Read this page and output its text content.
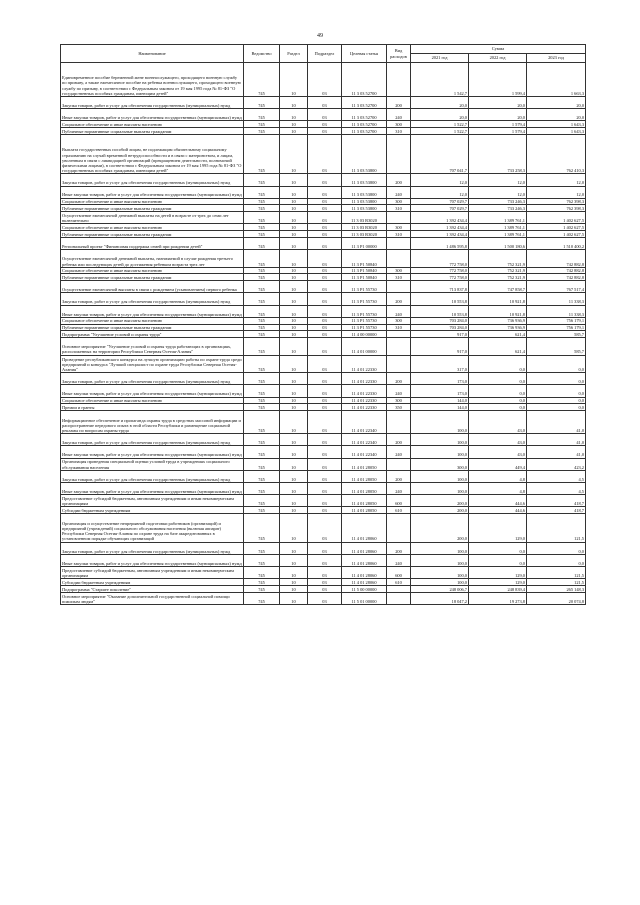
49
Наименование	Ведомство	Раздел	Подраздел	Целевая статья	Вид расходов	Сумма		
						2021 год	2022 год	2023 год
Единовременное пособие беременной жене военнослужащего, проходящего военную службу по призыву, а также ежемесячное пособие на ребенка военнослужащего, проходящего военную службу по призыву, в соответствии с Федеральным законом от 19 мая 1995 года № 81-ФЗ "О государственных пособиях гражданам, имеющим детей"	745	10	03	11 3 03 52700		1 542,7	1 599,4	1 663,3
Закупка товаров, работ и услуг для обеспечения государственных (муниципальных) нужд	745	10	03	11 3 03 52700	200	20,0	20,0	20,0
Иные закупки товаров, работ и услуг для обеспечения государственных (муниципальных) нужд	745	10	03	11 3 03 52700	240	20,0	20,0	20,0
Социальное обеспечение и иные выплаты населению	745	10	03	11 3 03 52700	300	1 522,7	1 579,4	1 643,3
Публичные нормативные социальные выплаты гражданам	745	10	03	11 3 03 52700	310	1 522,7	1 579,4	1 643,3
Выплата государственных пособий лицам, не подлежащим обязательному социальному страхованию на случай временной нетрудоспособности и в связи с материнством, и лицам, уволенным в связи с ликвидацией организаций (прекращением деятельности, полномочий физическими лицами), в соответствии с Федеральным законом от 19 мая 1995 года № 81-ФЗ "О государственных пособиях гражданам, имеющим детей"	745	10	03	11 3 03 53800		707 041,7	733 258,3	762 410,3
Закупка товаров, работ и услуг для обеспечения государственных (муниципальных) нужд	745	10	03	11 3 03 53800	200	12,0	12,0	12,0
Иные закупки товаров, работ и услуг для обеспечения государственных (муниципальных) нужд	745	10	03	11 3 03 53800	240	12,0	12,0	12,0
Социальное обеспечение и иные выплаты населению	745	10	03	11 3 03 53800	300	707 029,7	733 246,3	762 398,3
Публичные нормативные социальные выплаты гражданам	745	10	03	11 3 03 53800	310	707 029,7	733 246,3	762 398,3
Осуществление ежемесячной денежной выплаты на детей в возрасте от трех до семи лет включительно	745	10	03	11 3 03 R3020		1 392 434,4	1 389 761,1	1 402 627,5
Социальное обеспечение и иные выплаты населению	745	10	03	11 3 03 R3020	300	1 392 434,4	1 389 761,1	1 402 627,5
Публичные нормативные социальные выплаты гражданам	745	10	03	11 3 03 R3020	310	1 392 434,4	1 389 761,1	1 402 627,5
Региональный проект "Финансовая поддержка семей при рождении детей"	745	10	03	11 3 P1 00000		1 486 595,8	1 500 180,6	1 510 400,2
Осуществление ежемесячной денежной выплаты, назначаемой в случае рождения третьего ребенка или последующих детей до достижения ребенком возраста трех лет	745	10	03	11 3 P1 50840		772 758,0	752 321,9	742 882,8
Социальное обеспечение и иные выплаты населению	745	10	03	11 3 P1 50840	300	772 758,0	752 321,9	742 882,8
Публичные нормативные социальные выплаты гражданам	745	10	03	11 3 P1 50840	310	772 758,0	752 321,9	742 882,8
Осуществление ежемесячной выплаты в связи с рождением (усыновлением) первого ребенка	745	10	03	11 3 P1 55730		713 837,8	747 858,7	767 517,4
Закупка товаров, работ и услуг для обеспечения государственных (муниципальных) нужд	745	10	03	11 3 P1 55730	200	10 553,8	10 921,8	11 338,3
Иные закупки товаров, работ и услуг для обеспечения государственных (муниципальных) нужд	745	10	03	11 3 P1 55730	240	10 553,8	10 921,8	11 338,3
Социальное обеспечение и иные выплаты населению	745	10	03	11 3 P1 55730	300	703 284,0	736 936,9	756 179,1
Публичные нормативные социальные выплаты гражданам	745	10	03	11 3 P1 55730	310	703 284,0	736 936,9	756 179,1
Подпрограмма "Улучшение условий и охраны труда"	745	10	03	11 4 00 00000		917,0	621,4	585,7
Основное мероприятие "Улучшение условий и охраны труда работающих в организациях, расположенных на территории Республики Северная Осетия-Алания"	745	10	03	11 4 01 00000		917,0	621,4	585,7
Проведение республиканского конкурса на лучшую организацию работы по охране труда среди предприятий и конкурса "Лучший специалист по охране труда Республики Северная Осетия-Алания"	745	10	03	11 4 01 22330		317,0	0,0	0,0
Закупка товаров, работ и услуг для обеспечения государственных (муниципальных) нужд	745	10	03	11 4 01 22330	200	173,0	0,0	0,0
Иные закупки товаров, работ и услуг для обеспечения государственных (муниципальных) нужд	745	10	03	11 4 01 22330	240	173,0	0,0	0,0
Социальное обеспечение и иные выплаты населению	745	10	03	11 4 01 22330	300	144,0	0,0	0,0
Премии и гранты	745	10	03	11 4 01 22330	350	144,0	0,0	0,0
Информационное обеспечение и пропаганда охраны труда в средствах массовой информации и распространение передового опыта в этой области Республики и размещение социальной рекламы по вопросам охраны труда	745	10	03	11 4 01 22340		100,0	43,0	41,0
Закупка товаров, работ и услуг для обеспечения государственных (муниципальных) нужд	745	10	03	11 4 01 22340	200	100,0	43,0	41,0
Иные закупки товаров, работ и услуг для обеспечения государственных (муниципальных) нужд	745	10	03	11 4 01 22340	240	100,0	43,0	41,0
Организация проведения специальной оценки условий труда в учреждениях социального обслуживания населения	745	10	03	11 4 01 28050		300,0	449,4	423,2
Закупка товаров, работ и услуг для обеспечения государственных (муниципальных) нужд	745	10	03	11 4 01 28050	200	100,0	4,8	4,5
Иные закупки товаров, работ и услуг для обеспечения государственных (муниципальных) нужд	745	10	03	11 4 01 28050	240	100,0	4,8	4,5
Предоставление субсидий бюджетным, автономным учреждениям и иным некоммерческим организациям	745	10	03	11 4 01 28050	600	200,0	444,6	418,7
Субсидии бюджетным учреждениям	745	10	03	11 4 01 28050	610	200,0	444,6	418,7
Организация и осуществление непрерывной подготовки работников (организаций) и предприятий (учреждений) социального обслуживания населения (включая аппарат) Республики Северная Осетия-Алания по охране труда на базе аккредитованных в установленном порядке обучающих организаций	745	10	03	11 4 01 28060		200,0	129,0	121,5
Закупка товаров, работ и услуг для обеспечения государственных (муниципальных) нужд	745	10	03	11 4 01 28060	200	100,0	0,0	0,0
Иные закупки товаров, работ и услуг для обеспечения государственных (муниципальных) нужд	745	10	03	11 4 01 28060	240	100,0	0,0	0,0
Предоставление субсидий бюджетным, автономным учреждениям и иным некоммерческим организациям	745	10	03	11 4 01 28060	600	100,0	129,0	121,5
Субсидии бюджетным учреждениям	745	10	03	11 4 01 28060	610	100,0	129,0	121,5
Подпрограмма "Старшее поколение"	745	10	03	11 5 00 00000		248 006,7	248 839,4	265 148,3
Основное мероприятие "Оказание дополнительной государственной социальной помощи пожилым людям"	745	10	03	11 5 01 00000		18 047,2	19 273,8	20 074,8
